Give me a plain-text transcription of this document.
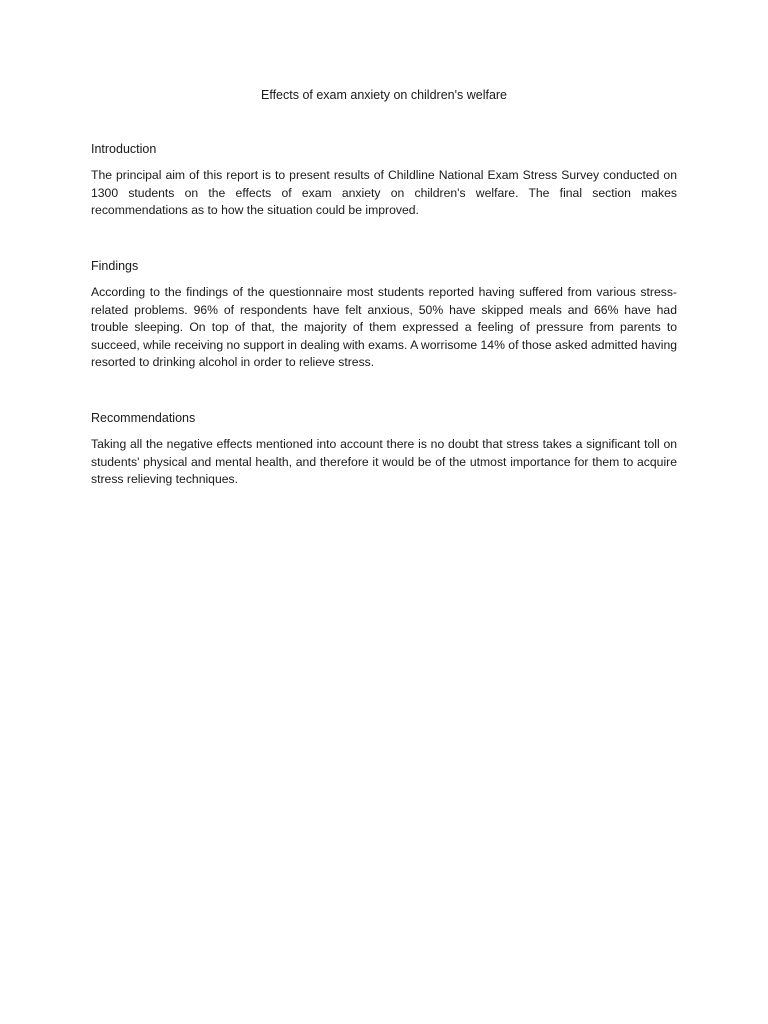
Effects of exam anxiety on children's welfare
Introduction

The principal aim of this report is to present results of Childline National Exam Stress Survey conducted on 1300 students on the effects of exam anxiety on children's welfare. The final section makes recommendations as to how the situation could be improved.

Findings

According to the findings of the questionnaire most students reported having suffered from various stress-related problems. 96% of respondents have felt anxious, 50% have skipped meals and 66% have had trouble sleeping. On top of that, the majority of them expressed a feeling of pressure from parents to succeed, while receiving no support in dealing with exams. A worrisome 14% of those asked admitted having resorted to drinking alcohol in order to relieve stress.

Recommendations

Taking all the negative effects mentioned into account there is no doubt that stress takes a significant toll on students' physical and mental health, and therefore it would be of the utmost importance for them to acquire stress relieving techniques.
